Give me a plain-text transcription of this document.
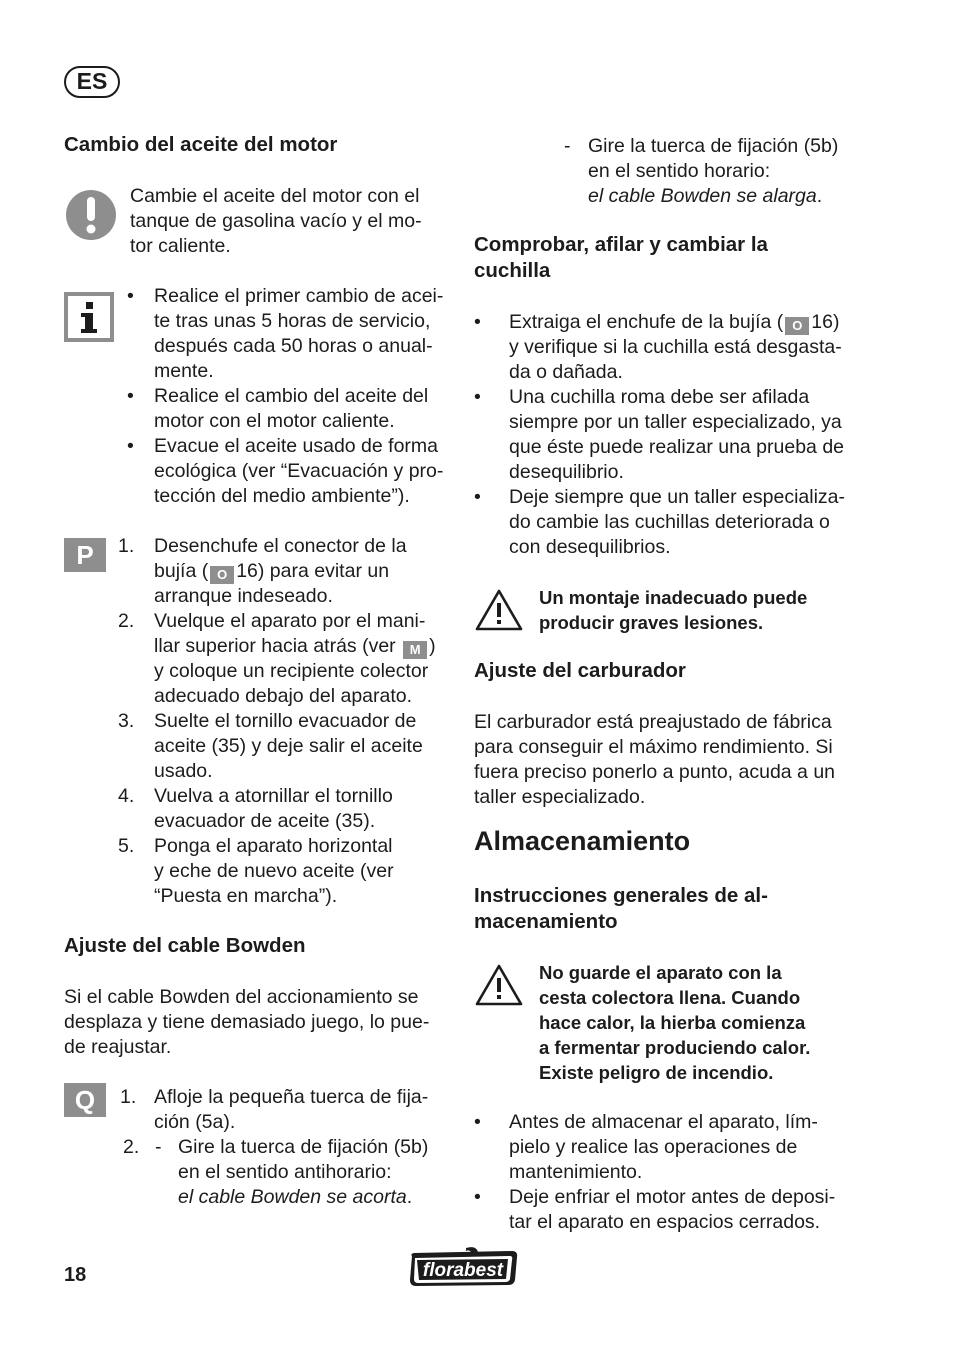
ES
Cambio del aceite del motor
Cambie el aceite del motor con el
tanque de gasolina vacío y el mo-
tor caliente.
• Realice el primer cambio de acei-
te tras unas 5 horas de servicio,
después cada 50 horas o anual-
mente.
• Realice el cambio del aceite del
motor con el motor caliente.
• Evacue el aceite usado de forma
ecológica (ver “Evacuación y pro-
tección del medio ambiente”).
P	1. Desenchufe el conector de la
bujía ( O 16) para evitar un
arranque indeseado.
2. Vuelque el aparato por el mani-
llar superior hacia atrás (ver M )
y coloque un recipiente colector
adecuado debajo del aparato.
3. Suelte el tornillo evacuador de
aceite (35) y deje salir el aceite
usado.
4. Vuelva a atornillar el tornillo
evacuador de aceite (35).
5. Ponga el aparato horizontal
y eche de nuevo aceite (ver
“Puesta en marcha”).
Ajuste del cable Bowden
Si el cable Bowden del accionamiento se
desplaza y tiene demasiado juego, lo pue-
de reajustar.
Q	1. Afloje la pequeña tuerca de fija-
ción (5a).
2. - Gire la tuerca de fijación (5b)
en el sentido antihorario:
el cable Bowden se acorta.
- Gire la tuerca de fijación (5b)
en el sentido horario:
el cable Bowden se alarga.
Comprobar, afilar y cambiar la
cuchilla
• Extraiga el enchufe de la bujía ( O 16)
y verifique si la cuchilla está desgasta-
da o dañada.
• Una cuchilla roma debe ser afilada
siempre por un taller especializado, ya
que éste puede realizar una prueba de
desequilibrio.
• Deje siempre que un taller especializa-
do cambie las cuchillas deteriorada o
con desequilibrios.
Un montaje inadecuado puede
producir graves lesiones.
Ajuste del carburador
El carburador está preajustado de fábrica
para conseguir el máximo rendimiento. Si
fuera preciso ponerlo a punto, acuda a un
taller especializado.
Almacenamiento
Instrucciones generales de al-
macenamiento
No guarde el aparato con la
cesta colectora llena. Cuando
hace calor, la hierba comienza
a fermentar produciendo calor.
Existe peligro de incendio.
• Antes de almacenar el aparato, lím-
pielo y realice las operaciones de
mantenimiento.
• Deje enfriar el motor antes de deposi-
tar el aparato en espacios cerrados.
18	florabest
